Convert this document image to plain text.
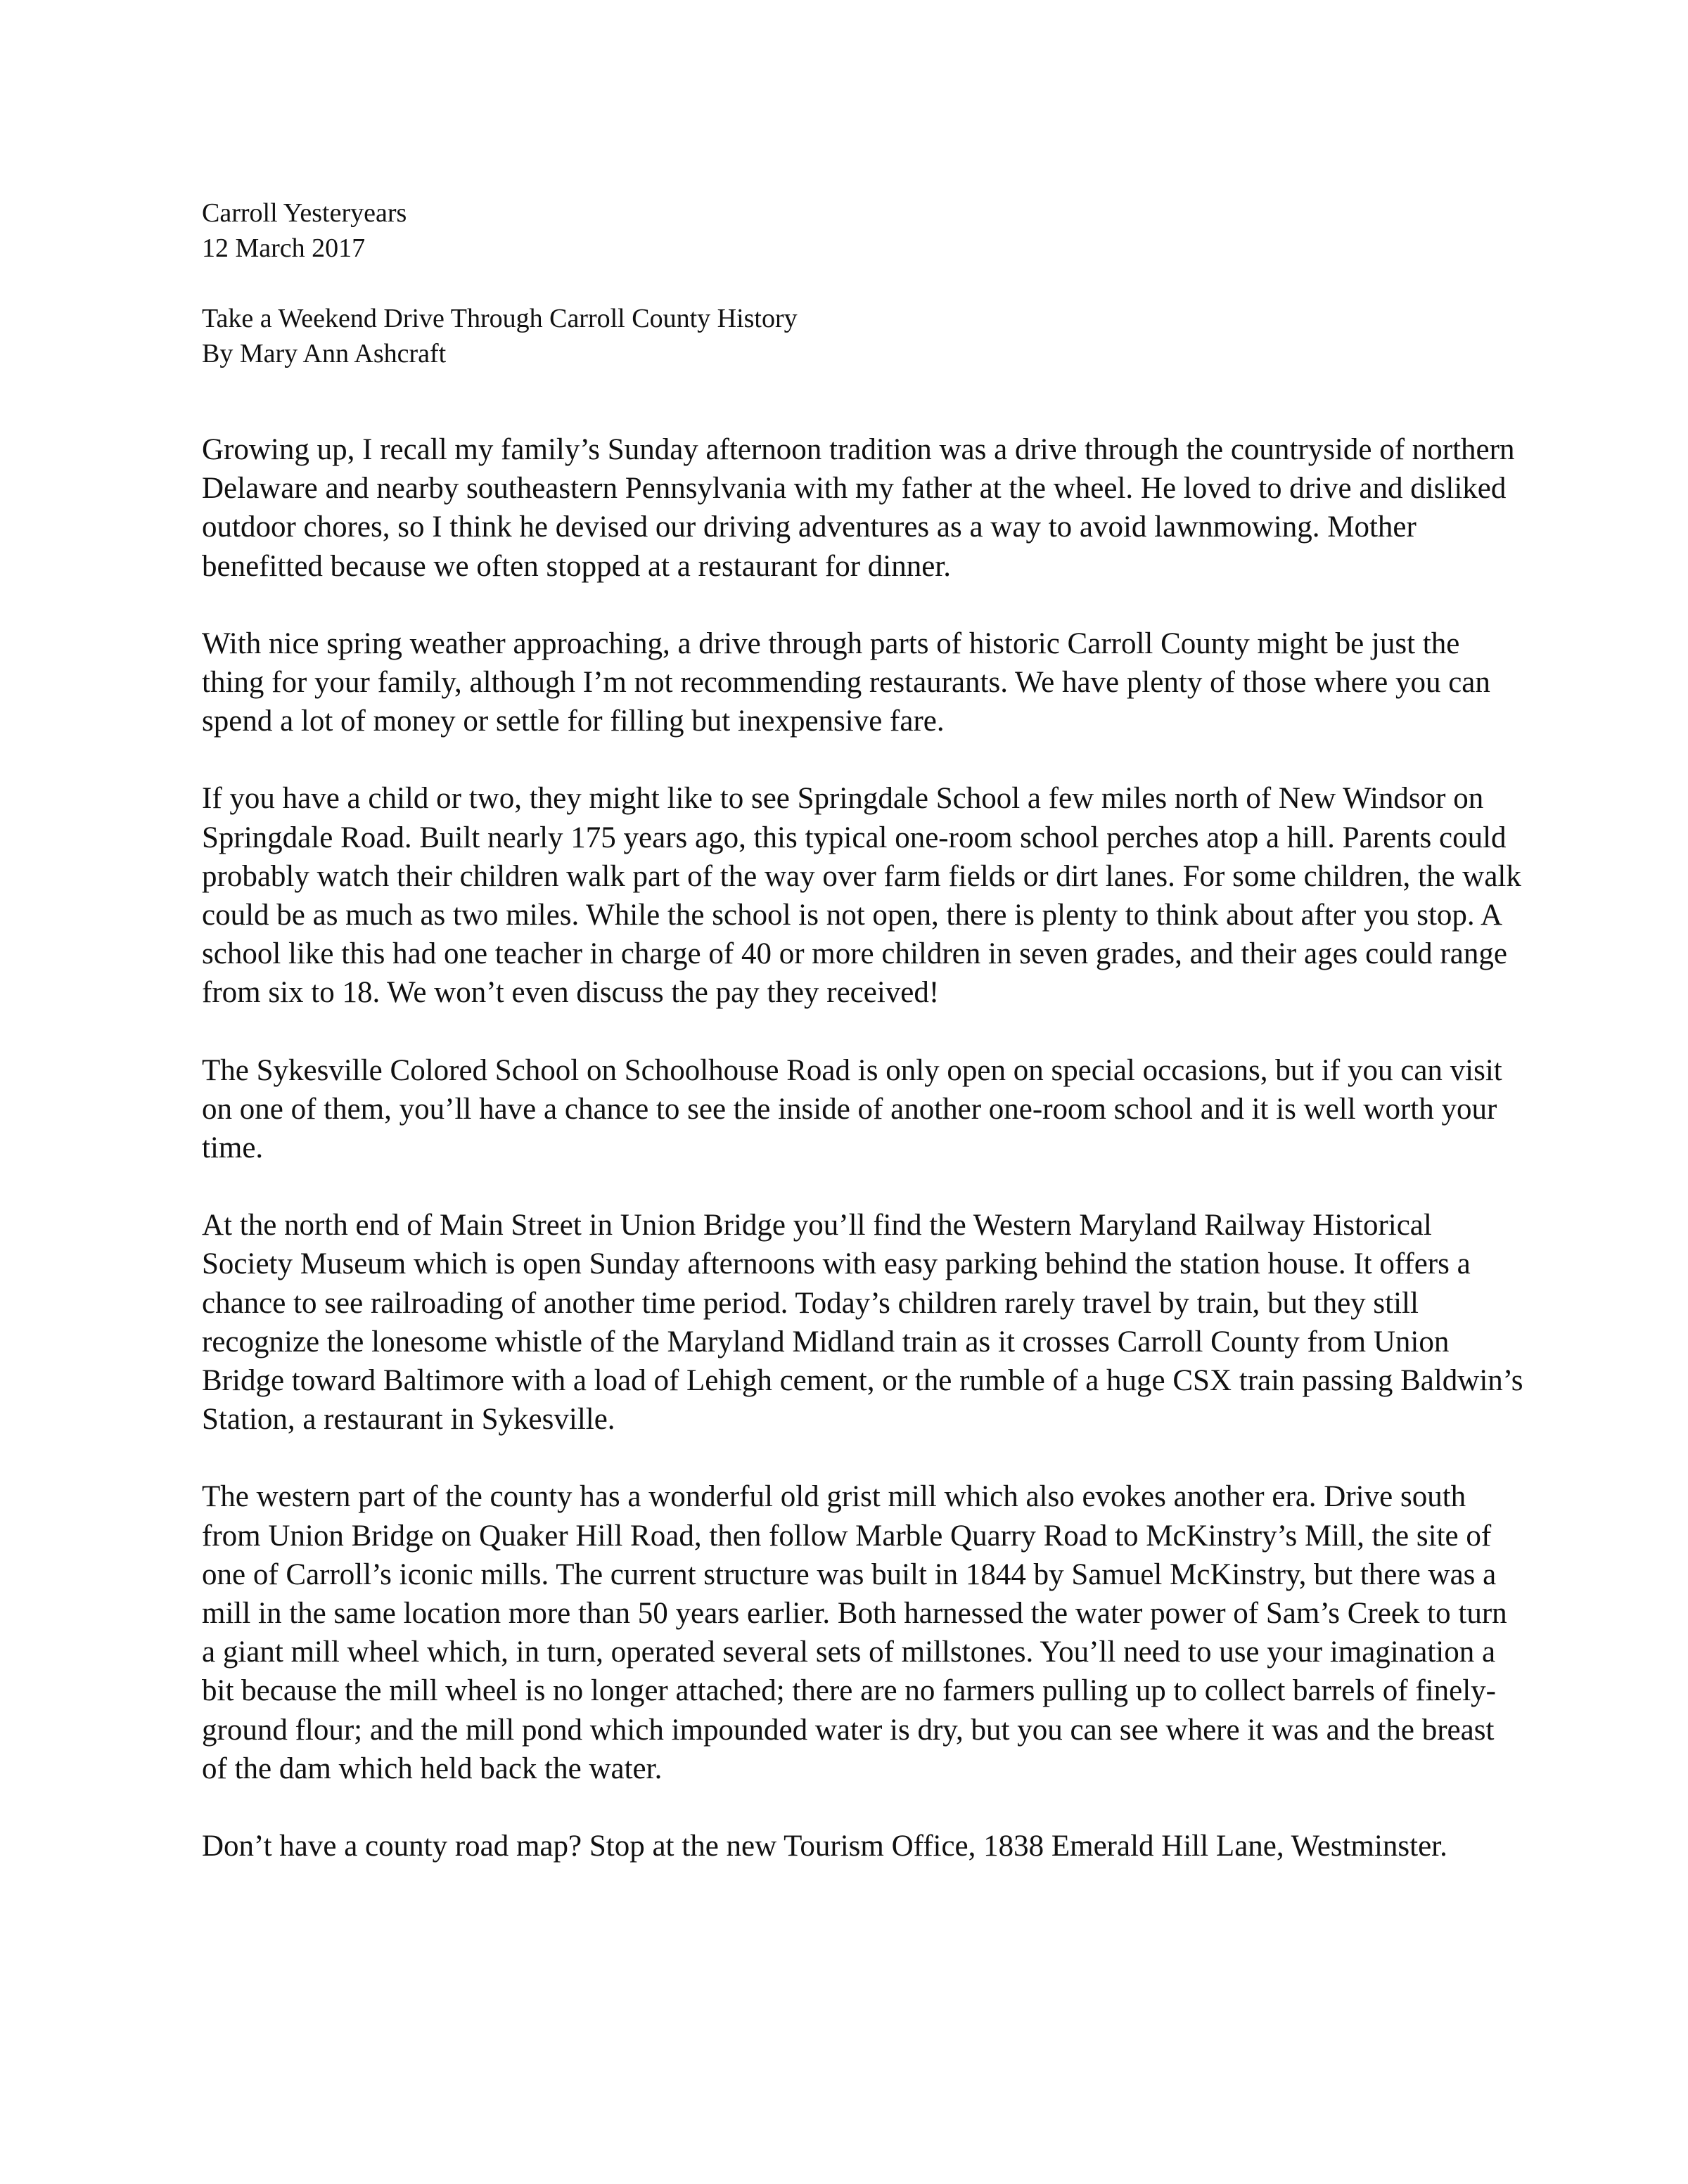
Carroll Yesteryears

12 March 2017

Take a Weekend Drive Through Carroll County History

By Mary Ann Ashcraft

Growing up, I recall my family’s Sunday afternoon tradition was a drive through the countryside of northern Delaware and nearby southeastern Pennsylvania with my father at the wheel. He loved to drive and disliked outdoor chores, so I think he devised our driving adventures as a way to avoid lawnmowing. Mother benefitted because we often stopped at a restaurant for dinner.

With nice spring weather approaching, a drive through parts of historic Carroll County might be just the thing for your family, although I’m not recommending restaurants. We have plenty of those where you can spend a lot of money or settle for filling but inexpensive fare.

If you have a child or two, they might like to see Springdale School a few miles north of New Windsor on Springdale Road. Built nearly 175 years ago, this typical one-room school perches atop a hill. Parents could probably watch their children walk part of the way over farm fields or dirt lanes. For some children, the walk could be as much as two miles. While the school is not open, there is plenty to think about after you stop. A school like this had one teacher in charge of 40 or more children in seven grades, and their ages could range from six to 18. We won’t even discuss the pay they received!

The Sykesville Colored School on Schoolhouse Road is only open on special occasions, but if you can visit on one of them, you’ll have a chance to see the inside of another one-room school and it is well worth your time.

At the north end of Main Street in Union Bridge you’ll find the Western Maryland Railway Historical Society Museum which is open Sunday afternoons with easy parking behind the station house. It offers a chance to see railroading of another time period. Today’s children rarely travel by train, but they still recognize the lonesome whistle of the Maryland Midland train as it crosses Carroll County from Union Bridge toward Baltimore with a load of Lehigh cement, or the rumble of a huge CSX train passing Baldwin’s Station, a restaurant in Sykesville.

The western part of the county has a wonderful old grist mill which also evokes another era. Drive south from Union Bridge on Quaker Hill Road, then follow Marble Quarry Road to McKinstry’s Mill, the site of one of Carroll’s iconic mills. The current structure was built in 1844 by Samuel McKinstry, but there was a mill in the same location more than 50 years earlier. Both harnessed the water power of Sam’s Creek to turn a giant mill wheel which, in turn, operated several sets of millstones. You’ll need to use your imagination a bit because the mill wheel is no longer attached; there are no farmers pulling up to collect barrels of finely-ground flour; and the mill pond which impounded water is dry, but you can see where it was and the breast of the dam which held back the water.

Don’t have a county road map? Stop at the new Tourism Office, 1838 Emerald Hill Lane, Westminster.
